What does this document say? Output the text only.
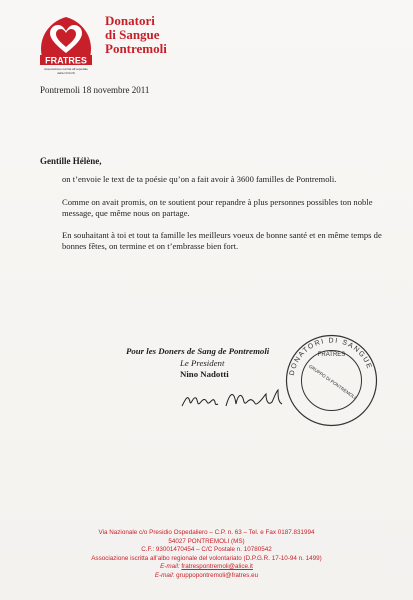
FRATRES
Associazione iscritta all'ospedale
della COLOS
Donatori
di Sangue
Pontremoli
Pontremoli 18 novembre 2011
Gentille Hélène,
on t’envoie le text de ta poésie qu’on a fait avoir à 3600 familles de Pontremoli.
Comme on avait promis, on te soutient pour repandre à plus personnes possibles ton noble message, que même nous on partage.
En souhaitant à toi et tout ta famille les meilleurs voeux de bonne santé et en même temps de bonnes fêtes, on termine et on t’embrasse bien fort.
Pour les Doners de Sang de Pontremoli
Le President
Nino Nadotti	DONATORI DI SANGUE
FRATRES
GRUPPO DI PONTREMOLI
Via Nazionale c/o Presidio Ospedaliero – C.P. n. 63 – Tel. e Fax 0187.831994
54027 PONTREMOLI (MS)
C.F.: 93001470454 – C/C Postale n. 10780542
Associazione iscritta all’albo regionale del volontariato (D.P.G.R. 17-10-94 n. 1499)
E-mail: fratrespontremoli@alice.it
E-mail: gruppopontremoli@fratres.eu
